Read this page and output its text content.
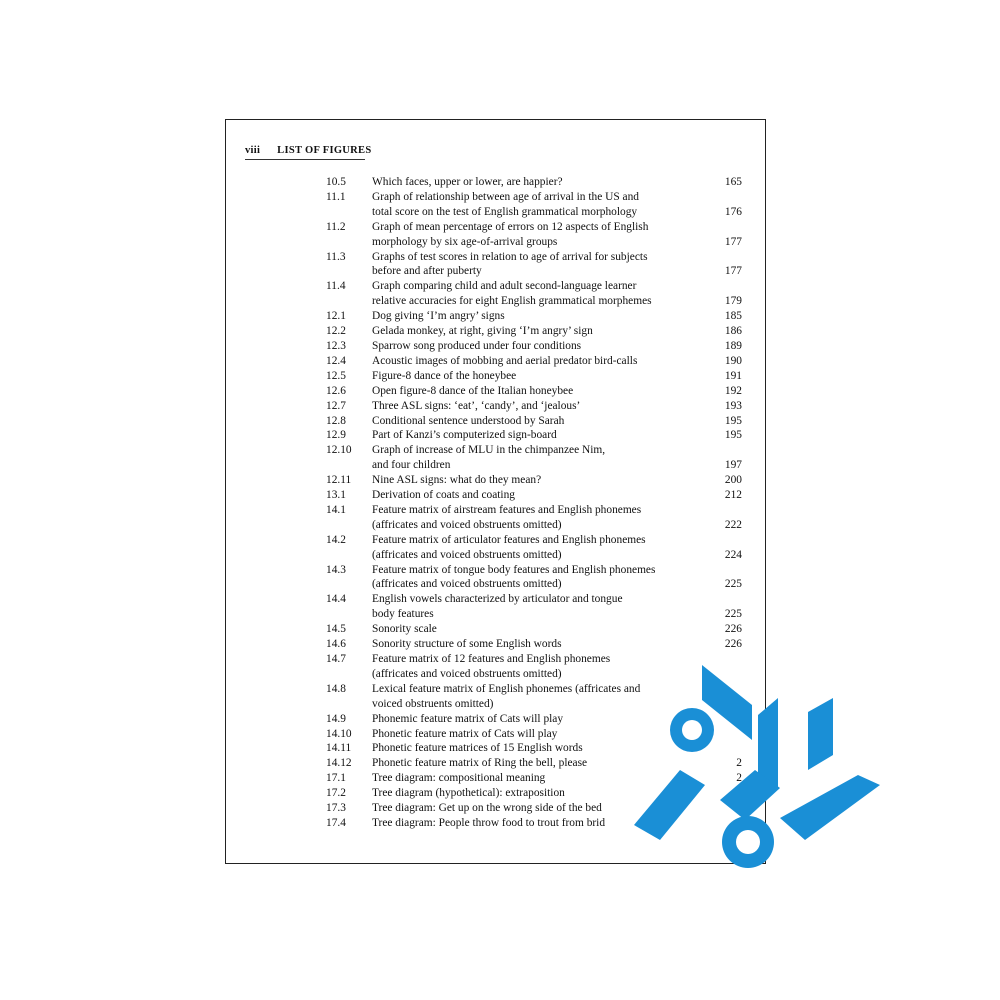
viii LIST OF FIGURES
10.5	Which faces, upper or lower, are happier?	165
11.1	Graph of relationship between age of arrival in the US and
total score on the test of English grammatical morphology	176
11.2	Graph of mean percentage of errors on 12 aspects of English
morphology by six age-of-arrival groups	177
11.3	Graphs of test scores in relation to age of arrival for subjects
before and after puberty	177
11.4	Graph comparing child and adult second-language learner
relative accuracies for eight English grammatical morphemes	179
12.1	Dog giving ‘I’m angry’ signs	185
12.2	Gelada monkey, at right, giving ‘I’m angry’ sign	186
12.3	Sparrow song produced under four conditions	189
12.4	Acoustic images of mobbing and aerial predator bird-calls	190
12.5	Figure-8 dance of the honeybee	191
12.6	Open figure-8 dance of the Italian honeybee	192
12.7	Three ASL signs: ‘eat’, ‘candy’, and ‘jealous’	193
12.8	Conditional sentence understood by Sarah	195
12.9	Part of Kanzi’s computerized sign-board	195
12.10	Graph of increase of MLU in the chimpanzee Nim,
and four children	197
12.11	Nine ASL signs: what do they mean?	200
13.1	Derivation of coats and coating	212
14.1	Feature matrix of airstream features and English phonemes
(affricates and voiced obstruents omitted)	222
14.2	Feature matrix of articulator features and English phonemes
(affricates and voiced obstruents omitted)	224
14.3	Feature matrix of tongue body features and English phonemes
(affricates and voiced obstruents omitted)	225
14.4	English vowels characterized by articulator and tongue
body features	225
14.5	Sonority scale	226
14.6	Sonority structure of some English words	226
14.7	Feature matrix of 12 features and English phonemes
(affricates and voiced obstruents omitted)
14.8	Lexical feature matrix of English phonemes (affricates and
voiced obstruents omitted)
14.9	Phonemic feature matrix of Cats will play
14.10	Phonetic feature matrix of Cats will play
14.11	Phonetic feature matrices of 15 English words
14.12	Phonetic feature matrix of Ring the bell, please	2
17.1	Tree diagram: compositional meaning	2
17.2	Tree diagram (hypothetical): extraposition
17.3	Tree diagram: Get up on the wrong side of the bed
17.4	Tree diagram: People throw food to trout from brid
